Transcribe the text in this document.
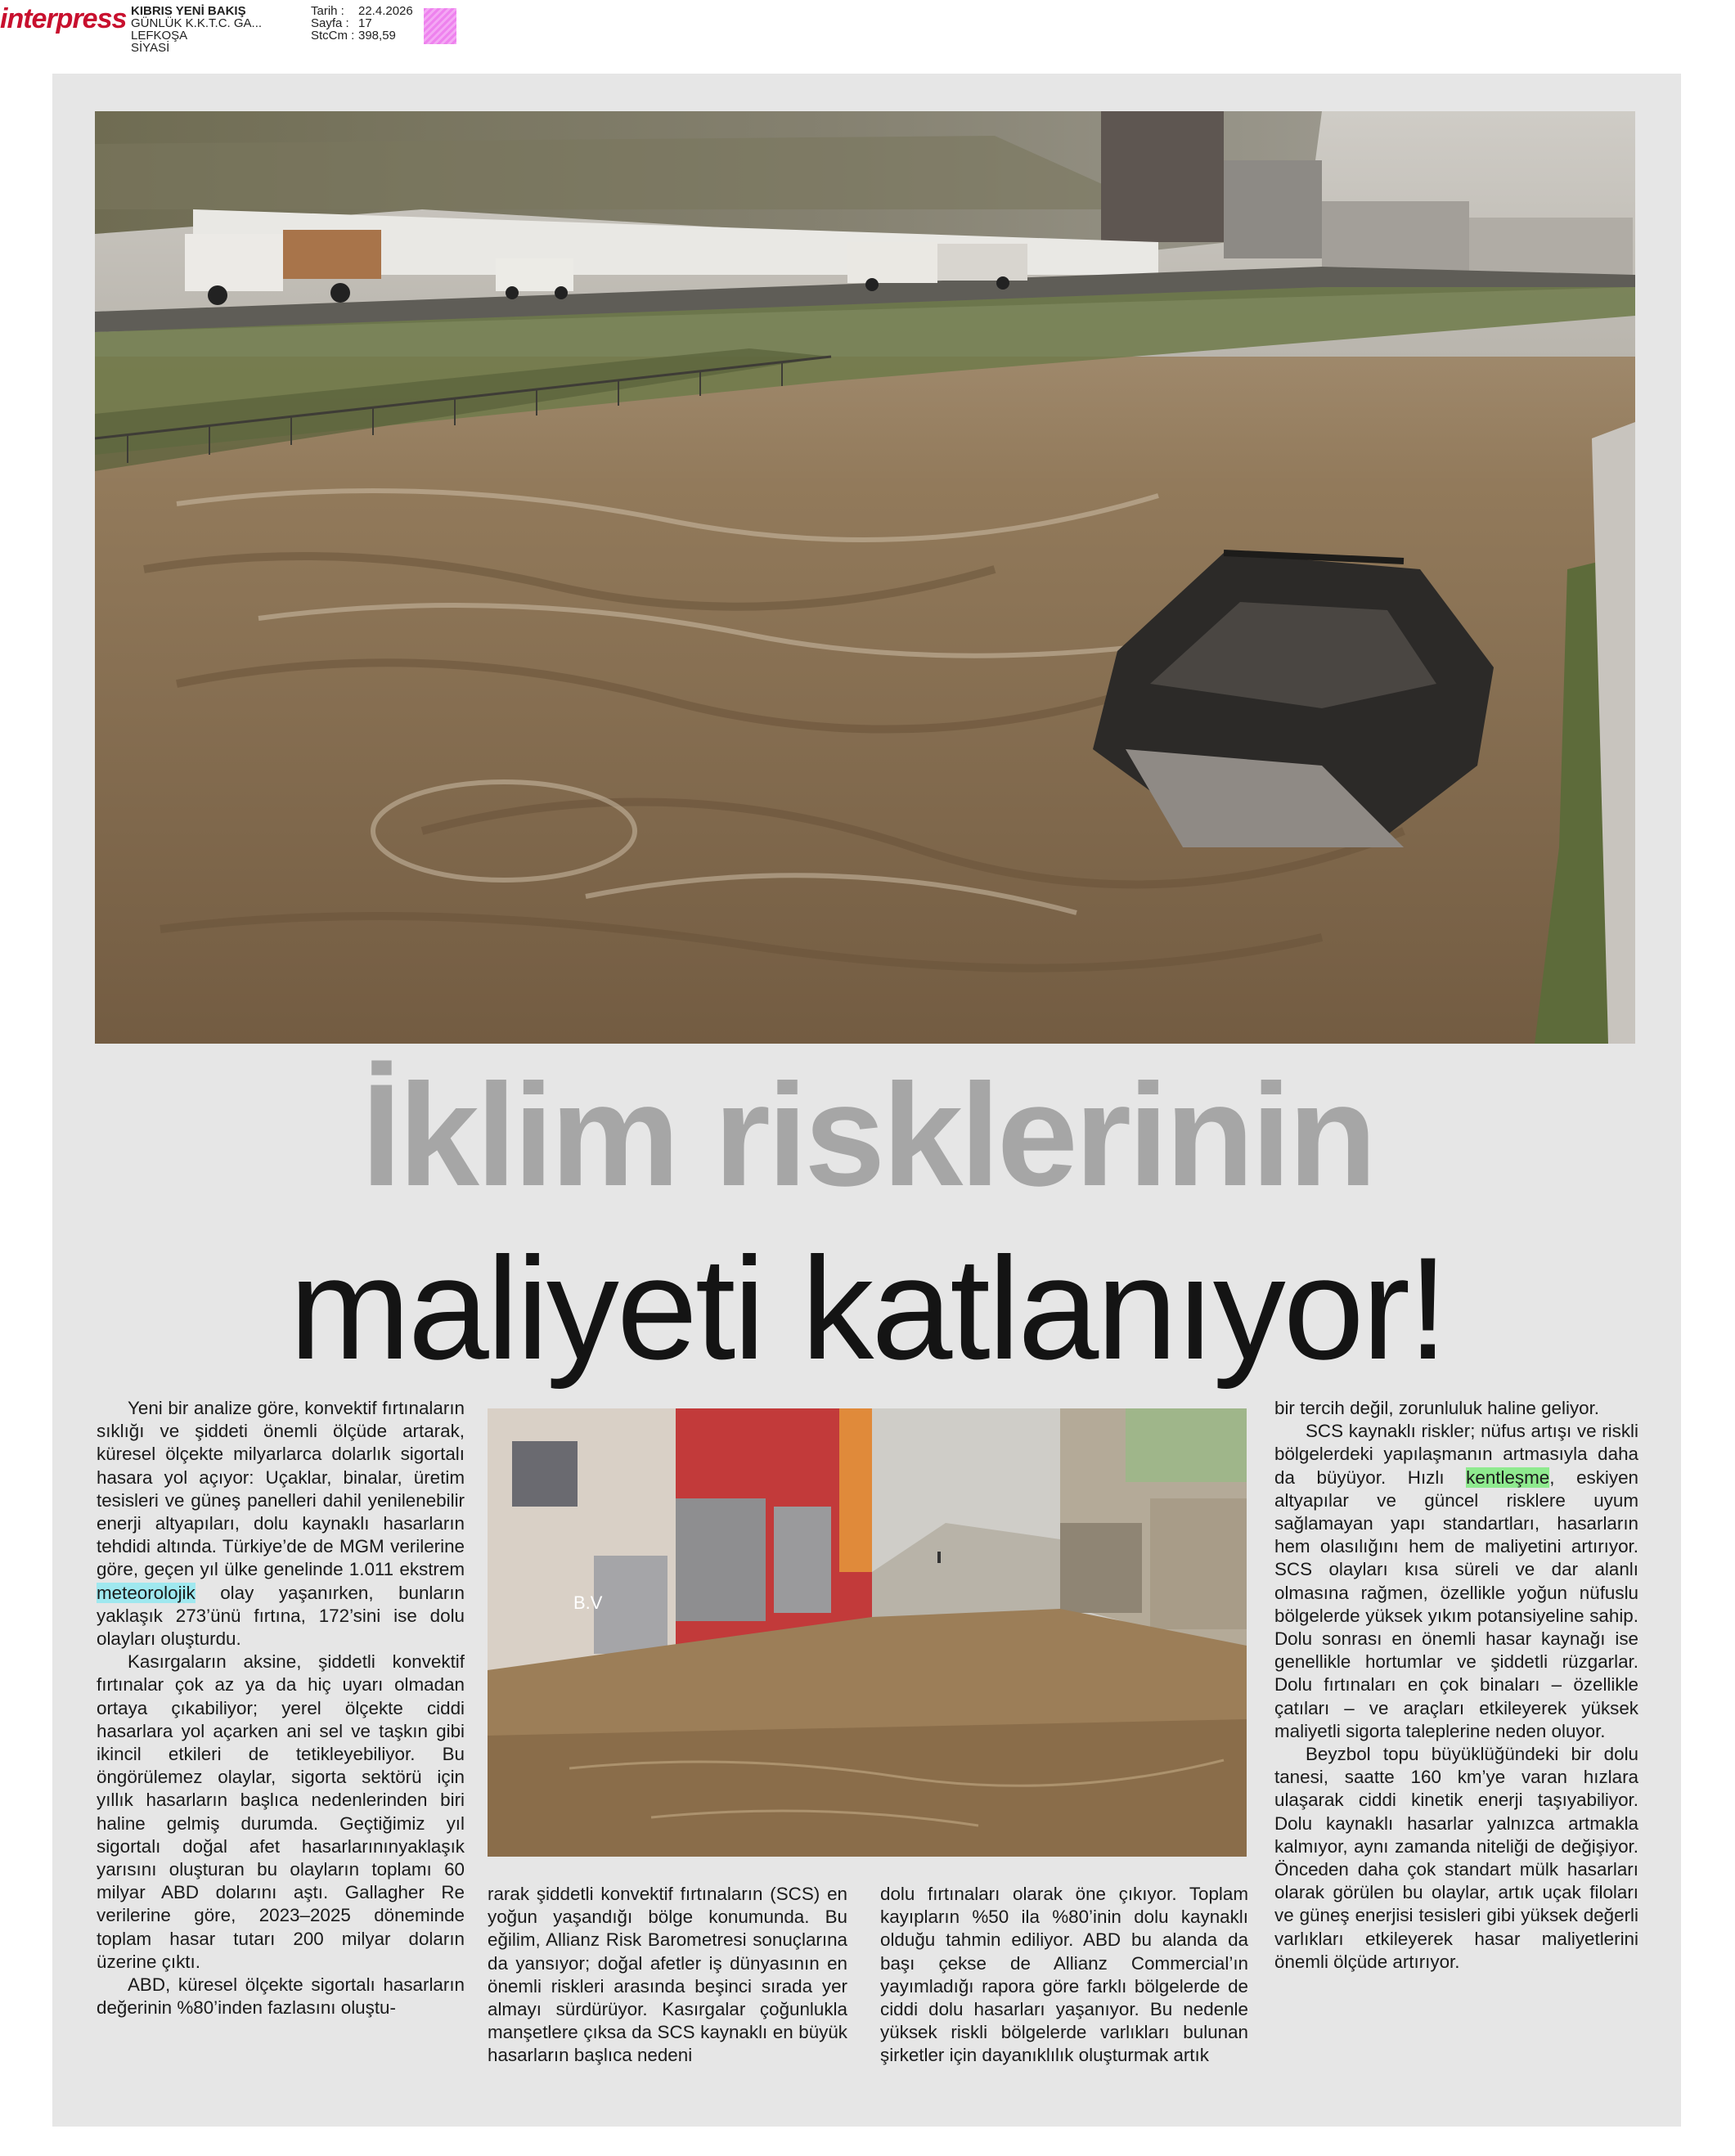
interpress KIBRIS YENİ BAKIŞ
GÜNLÜK K.K.T.C. GA...
LEFKOŞA
SİYASİ
Tarih :	22.4.2026
Sayfa : 17
StcCm : 398,59
İklim risklerinin
maliyeti katlanıyor!
B.V

Yeni bir analize göre, konvektif fırtınaların sıklığı ve şiddeti önemli ölçüde artarak, küresel ölçekte milyarlarca dolarlık sigortalı hasara yol açıyor: Uçaklar, binalar, üretim tesisleri ve güneş panelleri dahil yenilenebilir enerji altyapıları, dolu kaynaklı hasarların tehdidi altında. Türkiye’de de MGM verilerine göre, geçen yıl ülke genelinde 1.011 ekstrem meteorolojik olay yaşanırken, bunların yaklaşık 273’ünü fırtına, 172’sini ise dolu olayları oluşturdu.

Kasırgaların aksine, şiddetli konvektif fırtınalar çok az ya da hiç uyarı olmadan ortaya çıkabiliyor; yerel ölçekte ciddi hasarlara yol açarken ani sel ve taşkın gibi ikincil etkileri de tetikleyebiliyor. Bu öngörülemez olaylar, sigorta sektörü için yıllık hasarların başlıca nedenlerinden biri haline gelmiş durumda. Geçtiğimiz yıl sigortalı doğal afet hasarlarınınyaklaşık yarısını oluşturan bu olayların toplamı 60 milyar ABD dolarını aştı. Gallagher Re verilerine göre, 2023–2025 döneminde toplam hasar tutarı 200 milyar doların üzerine çıktı.

ABD, küresel ölçekte sigortalı hasarların değerinin %80’inden fazlasını oluştu-

rarak şiddetli konvektif fırtınaların (SCS) en yoğun yaşandığı bölge konumunda. Bu eğilim, Allianz Risk Barometresi sonuçlarına da yansıyor; doğal afetler iş dünyasının en önemli riskleri arasında beşinci sırada yer almayı sürdürüyor. Kasırgalar çoğunlukla manşetlere çıksa da SCS kaynaklı en büyük hasarların başlıca nedeni

dolu fırtınaları olarak öne çıkıyor. Toplam kayıpların %50 ila %80’inin dolu kaynaklı olduğu tahmin ediliyor. ABD bu alanda da başı çekse de Allianz Commercial’ın yayımladığı rapora göre farklı bölgelerde de ciddi dolu hasarları yaşanıyor. Bu nedenle yüksek riskli bölgelerde varlıkları bulunan şirketler için dayanıklılık oluşturmak artık

bir tercih değil, zorunluluk haline geliyor.

SCS kaynaklı riskler; nüfus artışı ve riskli bölgelerdeki yapılaşmanın artmasıyla daha da büyüyor. Hızlı kentleşme, eskiyen altyapılar ve güncel risklere uyum sağlamayan yapı standartları, hasarların hem olasılığını hem de maliyetini artırıyor. SCS olayları kısa süreli ve dar alanlı olmasına rağmen, özellikle yoğun nüfuslu bölgelerde yüksek yıkım potansiyeline sahip. Dolu sonrası en önemli hasar kaynağı ise genellikle hortumlar ve şiddetli rüzgarlar. Dolu fırtınaları en çok binaları – özellikle çatıları – ve araçları etkileyerek yüksek maliyetli sigorta taleplerine neden oluyor.

Beyzbol topu büyüklüğündeki bir dolu tanesi, saatte 160 km’ye varan hızlara ulaşarak ciddi kinetik enerji taşıyabiliyor. Dolu kaynaklı hasarlar yalnızca artmakla kalmıyor, aynı zamanda niteliği de değişiyor. Önceden daha çok standart mülk hasarları olarak görülen bu olaylar, artık uçak filoları ve güneş enerjisi tesisleri gibi yüksek değerli varlıkları etkileyerek hasar maliyetlerini önemli ölçüde artırıyor.
